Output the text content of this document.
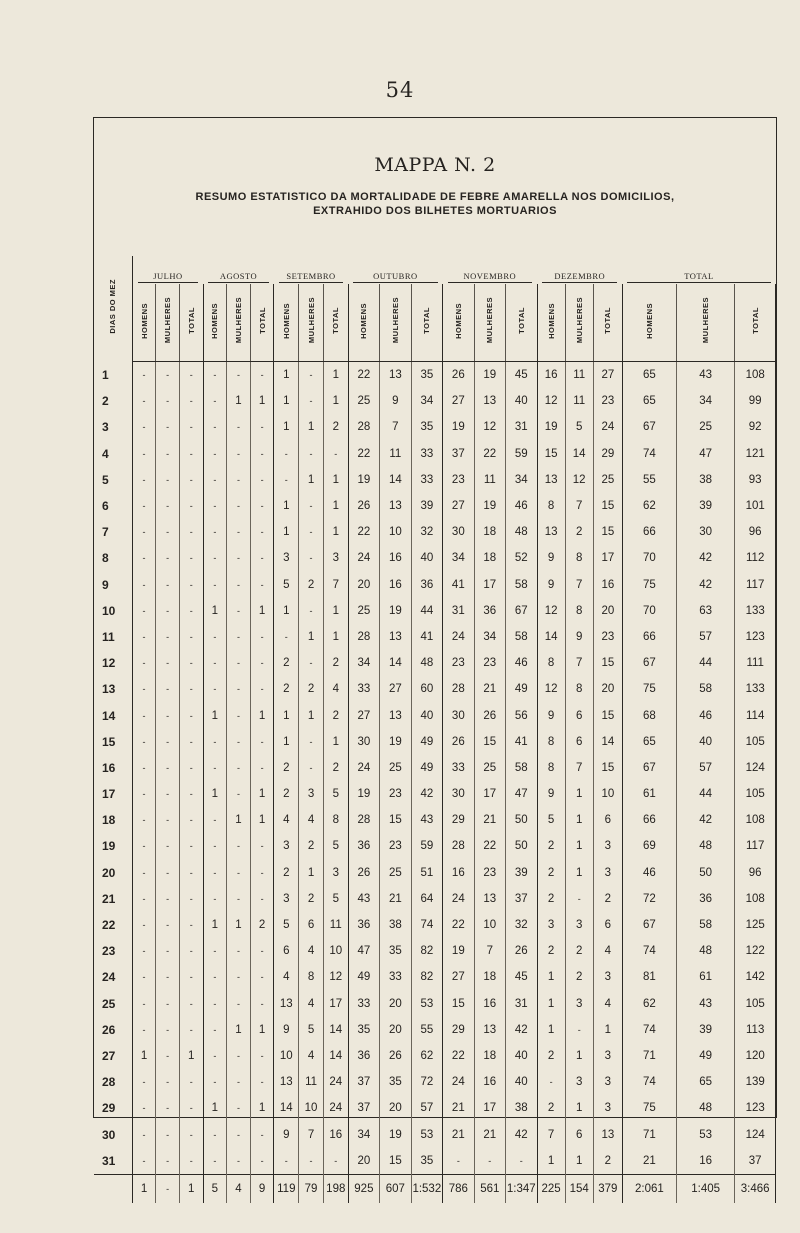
54
MAPPA N. 2
RESUMO ESTATISTICO DA MORTALIDADE DE FEBRE AMARELLA NOS DOMICILIOS,
EXTRAHIDO DOS BILHETES MORTUARIOS
DIAS DO MEZ	JULHO			AGOSTO			SETEMBRO			OUTUBRO			NOVEMBRO			DEZEMBRO			TOTAL		

	HOMENS	MULHERES	TOTAL	HOMENS	MULHERES	TOTAL	HOMENS	MULHERES	TOTAL	HOMENS	MULHERES	TOTAL	HOMENS	MULHERES	TOTAL	HOMENS	MULHERES	TOTAL	HOMENS	MULHERES	TOTAL
1	-	-	-	-	-	-	1	-	1	22	13	35	26	19	45	16	11	27	65	43	108
2	-	-	-	-	1	1	1	-	1	25	9	34	27	13	40	12	11	23	65	34	99
3	-	-	-	-	-	-	1	1	2	28	7	35	19	12	31	19	5	24	67	25	92
4	-	-	-	-	-	-	-	-	-	22	11	33	37	22	59	15	14	29	74	47	121
5	-	-	-	-	-	-	-	1	1	19	14	33	23	11	34	13	12	25	55	38	93
6	-	-	-	-	-	-	1	-	1	26	13	39	27	19	46	8	7	15	62	39	101
7	-	-	-	-	-	-	1	-	1	22	10	32	30	18	48	13	2	15	66	30	96
8	-	-	-	-	-	-	3	-	3	24	16	40	34	18	52	9	8	17	70	42	112
9	-	-	-	-	-	-	5	2	7	20	16	36	41	17	58	9	7	16	75	42	117
10	-	-	-	1	-	1	1	-	1	25	19	44	31	36	67	12	8	20	70	63	133
11	-	-	-	-	-	-	-	1	1	28	13	41	24	34	58	14	9	23	66	57	123
12	-	-	-	-	-	-	2	-	2	34	14	48	23	23	46	8	7	15	67	44	111
13	-	-	-	-	-	-	2	2	4	33	27	60	28	21	49	12	8	20	75	58	133
14	-	-	-	1	-	1	1	1	2	27	13	40	30	26	56	9	6	15	68	46	114
15	-	-	-	-	-	-	1	-	1	30	19	49	26	15	41	8	6	14	65	40	105
16	-	-	-	-	-	-	2	-	2	24	25	49	33	25	58	8	7	15	67	57	124
17	-	-	-	1	-	1	2	3	5	19	23	42	30	17	47	9	1	10	61	44	105
18	-	-	-	-	1	1	4	4	8	28	15	43	29	21	50	5	1	6	66	42	108
19	-	-	-	-	-	-	3	2	5	36	23	59	28	22	50	2	1	3	69	48	117
20	-	-	-	-	-	-	2	1	3	26	25	51	16	23	39	2	1	3	46	50	96
21	-	-	-	-	-	-	3	2	5	43	21	64	24	13	37	2	-	2	72	36	108
22	-	-	-	1	1	2	5	6	11	36	38	74	22	10	32	3	3	6	67	58	125
23	-	-	-	-	-	-	6	4	10	47	35	82	19	7	26	2	2	4	74	48	122
24	-	-	-	-	-	-	4	8	12	49	33	82	27	18	45	1	2	3	81	61	142
25	-	-	-	-	-	-	13	4	17	33	20	53	15	16	31	1	3	4	62	43	105
26	-	-	-	-	1	1	9	5	14	35	20	55	29	13	42	1	-	1	74	39	113
27	1	-	1	-	-	-	10	4	14	36	26	62	22	18	40	2	1	3	71	49	120
28	-	-	-	-	-	-	13	11	24	37	35	72	24	16	40	-	3	3	74	65	139
29	-	-	-	1	-	1	14	10	24	37	20	57	21	17	38	2	1	3	75	48	123
30	-	-	-	-	-	-	9	7	16	34	19	53	21	21	42	7	6	13	71	53	124
31	-	-	-	-	-	-	-	-	-	20	15	35	-	-	-	1	1	2	21	16	37
	1	-	1	5	4	9	119	79	198	925	607	1:532	786	561	1:347	225	154	379	2:061	1:405	3:466
